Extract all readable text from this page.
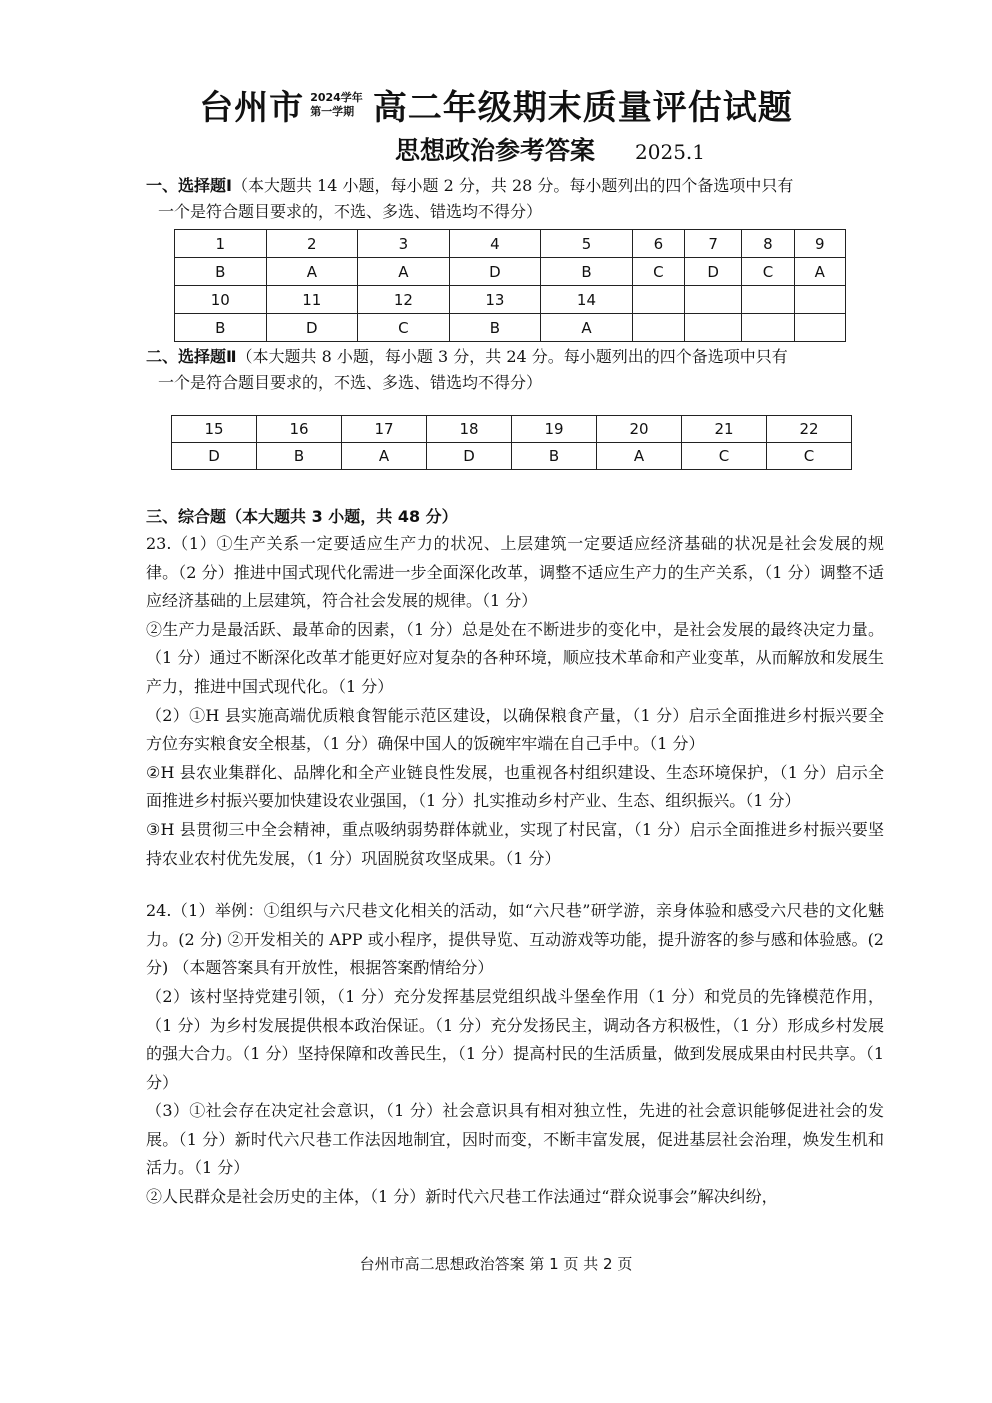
台州市 2024学年
第一学期 高二年级期末质量评估试题
思想政治参考答案 2025.1
一、选择题Ⅰ（本大题共 14 小题，每小题 2 分，共 28 分。每小题列出的四个备选项中只有
一个是符合题目要求的，不选、多选、错选均不得分）
1	2	3	4	5	6	7	8	9
B	A	A	D	B	C	D	C	A
10	11	12	13	14				
B	D	C	B	A				
二、选择题Ⅱ（本大题共 8 小题，每小题 3 分，共 24 分。每小题列出的四个备选项中只有
一个是符合题目要求的，不选、多选、错选均不得分）
15	16	17	18	19	20	21	22
D	B	A	D	B	A	C	C
三、综合题（本大题共 3 小题，共 48 分）

23.（1）①生产关系一定要适应生产力的状况、上层建筑一定要适应经济基础的状况是社会发展的规律。（2 分）推进中国式现代化需进一步全面深化改革，调整不适应生产力的生产关系，（1 分）调整不适应经济基础的上层建筑，符合社会发展的规律。（1 分）

②生产力是最活跃、最革命的因素，（1 分）总是处在不断进步的变化中，是社会发展的最终决定力量。（1 分）通过不断深化改革才能更好应对复杂的各种环境，顺应技术革命和产业变革，从而解放和发展生产力，推进中国式现代化。（1 分）

（2）①H 县实施高端优质粮食智能示范区建设，以确保粮食产量，（1 分）启示全面推进乡村振兴要全方位夯实粮食安全根基，（1 分）确保中国人的饭碗牢牢端在自己手中。（1 分）

②H 县农业集群化、品牌化和全产业链良性发展，也重视各村组织建设、生态环境保护，（1 分）启示全面推进乡村振兴要加快建设农业强国，（1 分）扎实推动乡村产业、生态、组织振兴。（1 分）

③H 县贯彻三中全会精神，重点吸纳弱势群体就业，实现了村民富，（1 分）启示全面推进乡村振兴要坚持农业农村优先发展，（1 分）巩固脱贫攻坚成果。（1 分）

24.（1）举例：①组织与六尺巷文化相关的活动，如“六尺巷”研学游，亲身体验和感受六尺巷的文化魅力。(2 分) ②开发相关的 APP 或小程序，提供导览、互动游戏等功能，提升游客的参与感和体验感。(2 分) （本题答案具有开放性，根据答案酌情给分）

（2）该村坚持党建引领，（1 分）充分发挥基层党组织战斗堡垒作用（1 分）和党员的先锋模范作用，（1 分）为乡村发展提供根本政治保证。（1 分）充分发扬民主，调动各方积极性，（1 分）形成乡村发展的强大合力。（1 分）坚持保障和改善民生，（1 分）提高村民的生活质量，做到发展成果由村民共享。（1 分）

（3）①社会存在决定社会意识，（1 分）社会意识具有相对独立性，先进的社会意识能够促进社会的发展。（1 分）新时代六尺巷工作法因地制宜，因时而变，不断丰富发展，促进基层社会治理，焕发生机和活力。（1 分）

②人民群众是社会历史的主体，（1 分）新时代六尺巷工作法通过“群众说事会”解决纠纷，

台州市高二思想政治答案 第 1 页 共 2 页
